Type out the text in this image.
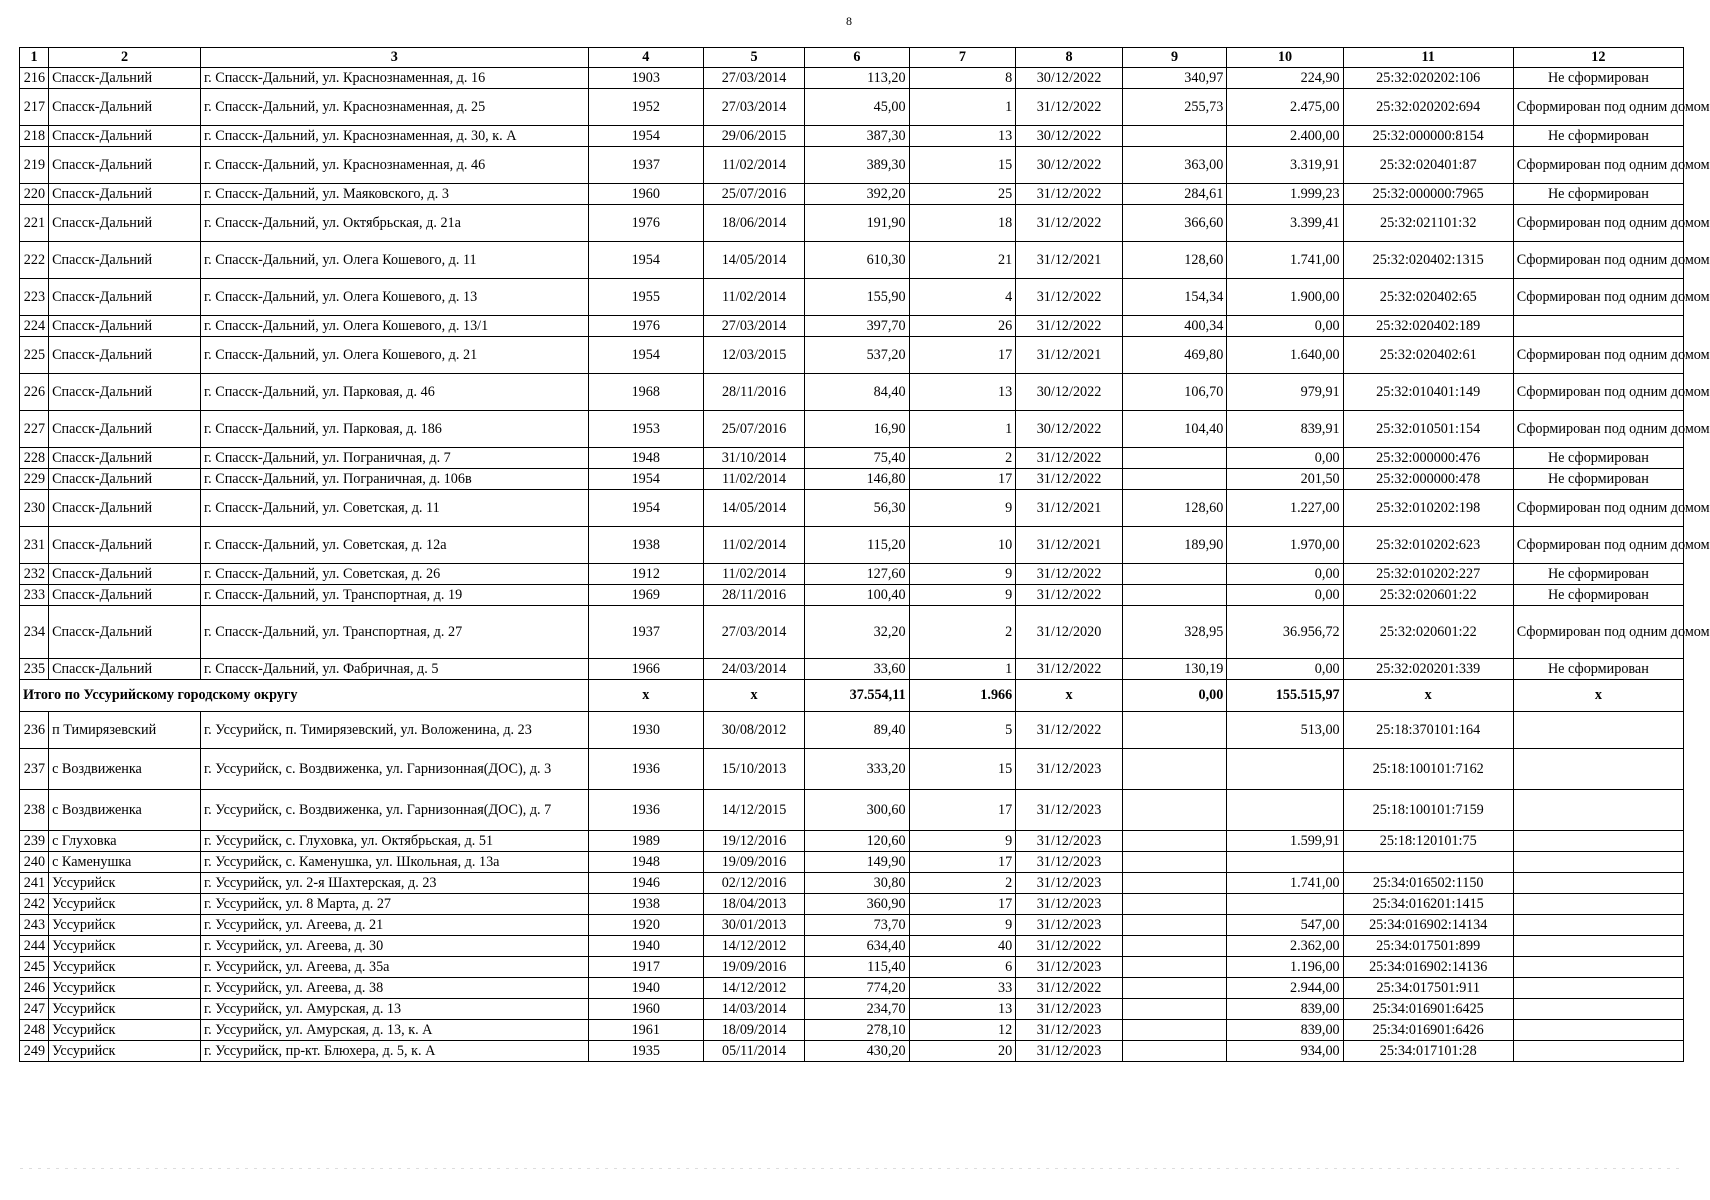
8
1	2	3	4	5	6	7	8	9	10	11	12
216	Спасск-Дальний	г. Спасск-Дальний, ул. Краснознаменная, д. 16	1903	27/03/2014	113,20	8	30/12/2022	340,97	224,90	25:32:020202:106	Не сформирован
217	Спасск-Дальний	г. Спасск-Дальний, ул. Краснознаменная, д. 25	1952	27/03/2014	45,00	1	31/12/2022	255,73	2.475,00	25:32:020202:694	Сформирован под одним домом
218	Спасск-Дальний	г. Спасск-Дальний, ул. Краснознаменная, д. 30, к. А	1954	29/06/2015	387,30	13	30/12/2022		2.400,00	25:32:000000:8154	Не сформирован
219	Спасск-Дальний	г. Спасск-Дальний, ул. Краснознаменная, д. 46	1937	11/02/2014	389,30	15	30/12/2022	363,00	3.319,91	25:32:020401:87	Сформирован под одним домом
220	Спасск-Дальний	г. Спасск-Дальний, ул. Маяковского, д. 3	1960	25/07/2016	392,20	25	31/12/2022	284,61	1.999,23	25:32:000000:7965	Не сформирован
221	Спасск-Дальний	г. Спасск-Дальний, ул. Октябрьская, д. 21а	1976	18/06/2014	191,90	18	31/12/2022	366,60	3.399,41	25:32:021101:32	Сформирован под одним домом
222	Спасск-Дальний	г. Спасск-Дальний, ул. Олега Кошевого, д. 11	1954	14/05/2014	610,30	21	31/12/2021	128,60	1.741,00	25:32:020402:1315	Сформирован под одним домом
223	Спасск-Дальний	г. Спасск-Дальний, ул. Олега Кошевого, д. 13	1955	11/02/2014	155,90	4	31/12/2022	154,34	1.900,00	25:32:020402:65	Сформирован под одним домом
224	Спасск-Дальний	г. Спасск-Дальний, ул. Олега Кошевого, д. 13/1	1976	27/03/2014	397,70	26	31/12/2022	400,34	0,00	25:32:020402:189	
225	Спасск-Дальний	г. Спасск-Дальний, ул. Олега Кошевого, д. 21	1954	12/03/2015	537,20	17	31/12/2021	469,80	1.640,00	25:32:020402:61	Сформирован под одним домом
226	Спасск-Дальний	г. Спасск-Дальний, ул. Парковая, д. 46	1968	28/11/2016	84,40	13	30/12/2022	106,70	979,91	25:32:010401:149	Сформирован под одним домом
227	Спасск-Дальний	г. Спасск-Дальний, ул. Парковая, д. 186	1953	25/07/2016	16,90	1	30/12/2022	104,40	839,91	25:32:010501:154	Сформирован под одним домом
228	Спасск-Дальний	г. Спасск-Дальний, ул. Пограничная, д. 7	1948	31/10/2014	75,40	2	31/12/2022		0,00	25:32:000000:476	Не сформирован
229	Спасск-Дальний	г. Спасск-Дальний, ул. Пограничная, д. 106в	1954	11/02/2014	146,80	17	31/12/2022		201,50	25:32:000000:478	Не сформирован
230	Спасск-Дальний	г. Спасск-Дальний, ул. Советская, д. 11	1954	14/05/2014	56,30	9	31/12/2021	128,60	1.227,00	25:32:010202:198	Сформирован под одним домом
231	Спасск-Дальний	г. Спасск-Дальний, ул. Советская, д. 12а	1938	11/02/2014	115,20	10	31/12/2021	189,90	1.970,00	25:32:010202:623	Сформирован под одним домом
232	Спасск-Дальний	г. Спасск-Дальний, ул. Советская, д. 26	1912	11/02/2014	127,60	9	31/12/2022		0,00	25:32:010202:227	Не сформирован
233	Спасск-Дальний	г. Спасск-Дальний, ул. Транспортная, д. 19	1969	28/11/2016	100,40	9	31/12/2022		0,00	25:32:020601:22	Не сформирован
234	Спасск-Дальний	г. Спасск-Дальний, ул. Транспортная, д. 27	1937	27/03/2014	32,20	2	31/12/2020	328,95	36.956,72	25:32:020601:22	Сформирован под одним домом
235	Спасск-Дальний	г. Спасск-Дальний, ул. Фабричная, д. 5	1966	24/03/2014	33,60	1	31/12/2022	130,19	0,00	25:32:020201:339	Не сформирован
Итого по Уссурийскому городскому округу			x	x	37.554,11	1.966	x	0,00	155.515,97	x	x
236	п Тимирязевский	г. Уссурийск, п. Тимирязевский, ул. Воложенина, д. 23	1930	30/08/2012	89,40	5	31/12/2022		513,00	25:18:370101:164	
237	с Воздвиженка	г. Уссурийск, с. Воздвиженка, ул. Гарнизонная(ДОС), д. 3	1936	15/10/2013	333,20	15	31/12/2023			25:18:100101:7162	
238	с Воздвиженка	г. Уссурийск, с. Воздвиженка, ул. Гарнизонная(ДОС), д. 7	1936	14/12/2015	300,60	17	31/12/2023			25:18:100101:7159	
239	с Глуховка	г. Уссурийск, с. Глуховка, ул. Октябрьская, д. 51	1989	19/12/2016	120,60	9	31/12/2023		1.599,91	25:18:120101:75	
240	с Каменушка	г. Уссурийск, с. Каменушка, ул. Школьная, д. 13а	1948	19/09/2016	149,90	17	31/12/2023				
241	Уссурийск	г. Уссурийск, ул. 2-я Шахтерская, д. 23	1946	02/12/2016	30,80	2	31/12/2023		1.741,00	25:34:016502:1150	
242	Уссурийск	г. Уссурийск, ул. 8 Марта, д. 27	1938	18/04/2013	360,90	17	31/12/2023			25:34:016201:1415	
243	Уссурийск	г. Уссурийск, ул. Агеева, д. 21	1920	30/01/2013	73,70	9	31/12/2023		547,00	25:34:016902:14134	
244	Уссурийск	г. Уссурийск, ул. Агеева, д. 30	1940	14/12/2012	634,40	40	31/12/2022		2.362,00	25:34:017501:899	
245	Уссурийск	г. Уссурийск, ул. Агеева, д. 35а	1917	19/09/2016	115,40	6	31/12/2023		1.196,00	25:34:016902:14136	
246	Уссурийск	г. Уссурийск, ул. Агеева, д. 38	1940	14/12/2012	774,20	33	31/12/2022		2.944,00	25:34:017501:911	
247	Уссурийск	г. Уссурийск, ул. Амурская, д. 13	1960	14/03/2014	234,70	13	31/12/2023		839,00	25:34:016901:6425	
248	Уссурийск	г. Уссурийск, ул. Амурская, д. 13, к. А	1961	18/09/2014	278,10	12	31/12/2023		839,00	25:34:016901:6426	
249	Уссурийск	г. Уссурийск, пр-кт. Блюхера, д. 5, к. А	1935	05/11/2014	430,20	20	31/12/2023		934,00	25:34:017101:28	
